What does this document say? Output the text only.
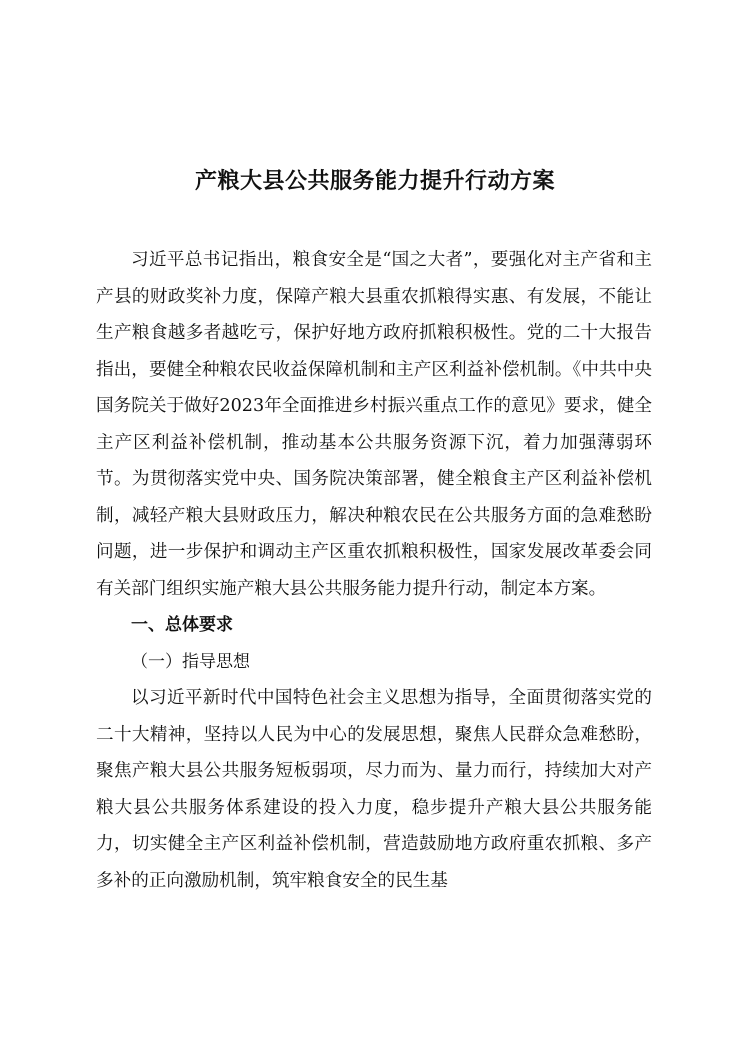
产粮大县公共服务能力提升行动方案

习近平总书记指出，粮食安全是“国之大者”，要强化对主产省和主产县的财政奖补力度，保障产粮大县重农抓粮得实惠、有发展，不能让生产粮食越多者越吃亏，保护好地方政府抓粮积极性。党的二十大报告指出，要健全种粮农民收益保障机制和主产区利益补偿机制。《中共中央 国务院关于做好2023年全面推进乡村振兴重点工作的意见》要求，健全主产区利益补偿机制，推动基本公共服务资源下沉，着力加强薄弱环节。为贯彻落实党中央、国务院决策部署，健全粮食主产区利益补偿机制，减轻产粮大县财政压力，解决种粮农民在公共服务方面的急难愁盼问题，进一步保护和调动主产区重农抓粮积极性，国家发展改革委会同有关部门组织实施产粮大县公共服务能力提升行动，制定本方案。

一、总体要求

（一）指导思想

以习近平新时代中国特色社会主义思想为指导，全面贯彻落实党的二十大精神，坚持以人民为中心的发展思想，聚焦人民群众急难愁盼，聚焦产粮大县公共服务短板弱项，尽力而为、量力而行，持续加大对产粮大县公共服务体系建设的投入力度，稳步提升产粮大县公共服务能力，切实健全主产区利益补偿机制，营造鼓励地方政府重农抓粮、多产多补的正向激励机制，筑牢粮食安全的民生基
